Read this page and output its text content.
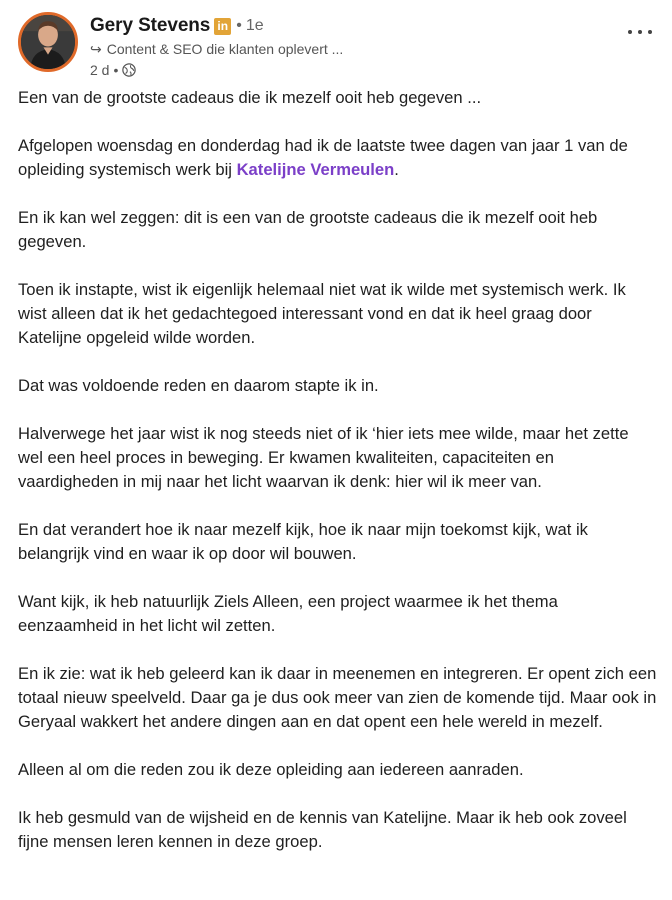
Gery Stevens in • 1e
↪ Content & SEO die klanten oplevert ...
2 d •

Een van de grootste cadeaus die ik mezelf ooit heb gegeven ...

Afgelopen woensdag en donderdag had ik de laatste twee dagen van jaar 1 van de opleiding systemisch werk bij Katelijne Vermeulen.

En ik kan wel zeggen: dit is een van de grootste cadeaus die ik mezelf ooit heb gegeven.

Toen ik instapte, wist ik eigenlijk helemaal niet wat ik wilde met systemisch werk. Ik wist alleen dat ik het gedachtegoed interessant vond en dat ik heel graag door Katelijne opgeleid wilde worden.

Dat was voldoende reden en daarom stapte ik in.

Halverwege het jaar wist ik nog steeds niet of ik ‘hier iets mee wilde, maar het zette wel een heel proces in beweging. Er kwamen kwaliteiten, capaciteiten en vaardigheden in mij naar het licht waarvan ik denk: hier wil ik meer van.

En dat verandert hoe ik naar mezelf kijk, hoe ik naar mijn toekomst kijk, wat ik belangrijk vind en waar ik op door wil bouwen.

Want kijk, ik heb natuurlijk Ziels Alleen, een project waarmee ik het thema eenzaamheid in het licht wil zetten.

En ik zie: wat ik heb geleerd kan ik daar in meenemen en integreren. Er opent zich een totaal nieuw speelveld. Daar ga je dus ook meer van zien de komende tijd. Maar ook in Geryaal wakkert het andere dingen aan en dat opent een hele wereld in mezelf.

Alleen al om die reden zou ik deze opleiding aan iedereen aanraden.

Ik heb gesmuld van de wijsheid en de kennis van Katelijne. Maar ik heb ook zoveel fijne mensen leren kennen in deze groep.
